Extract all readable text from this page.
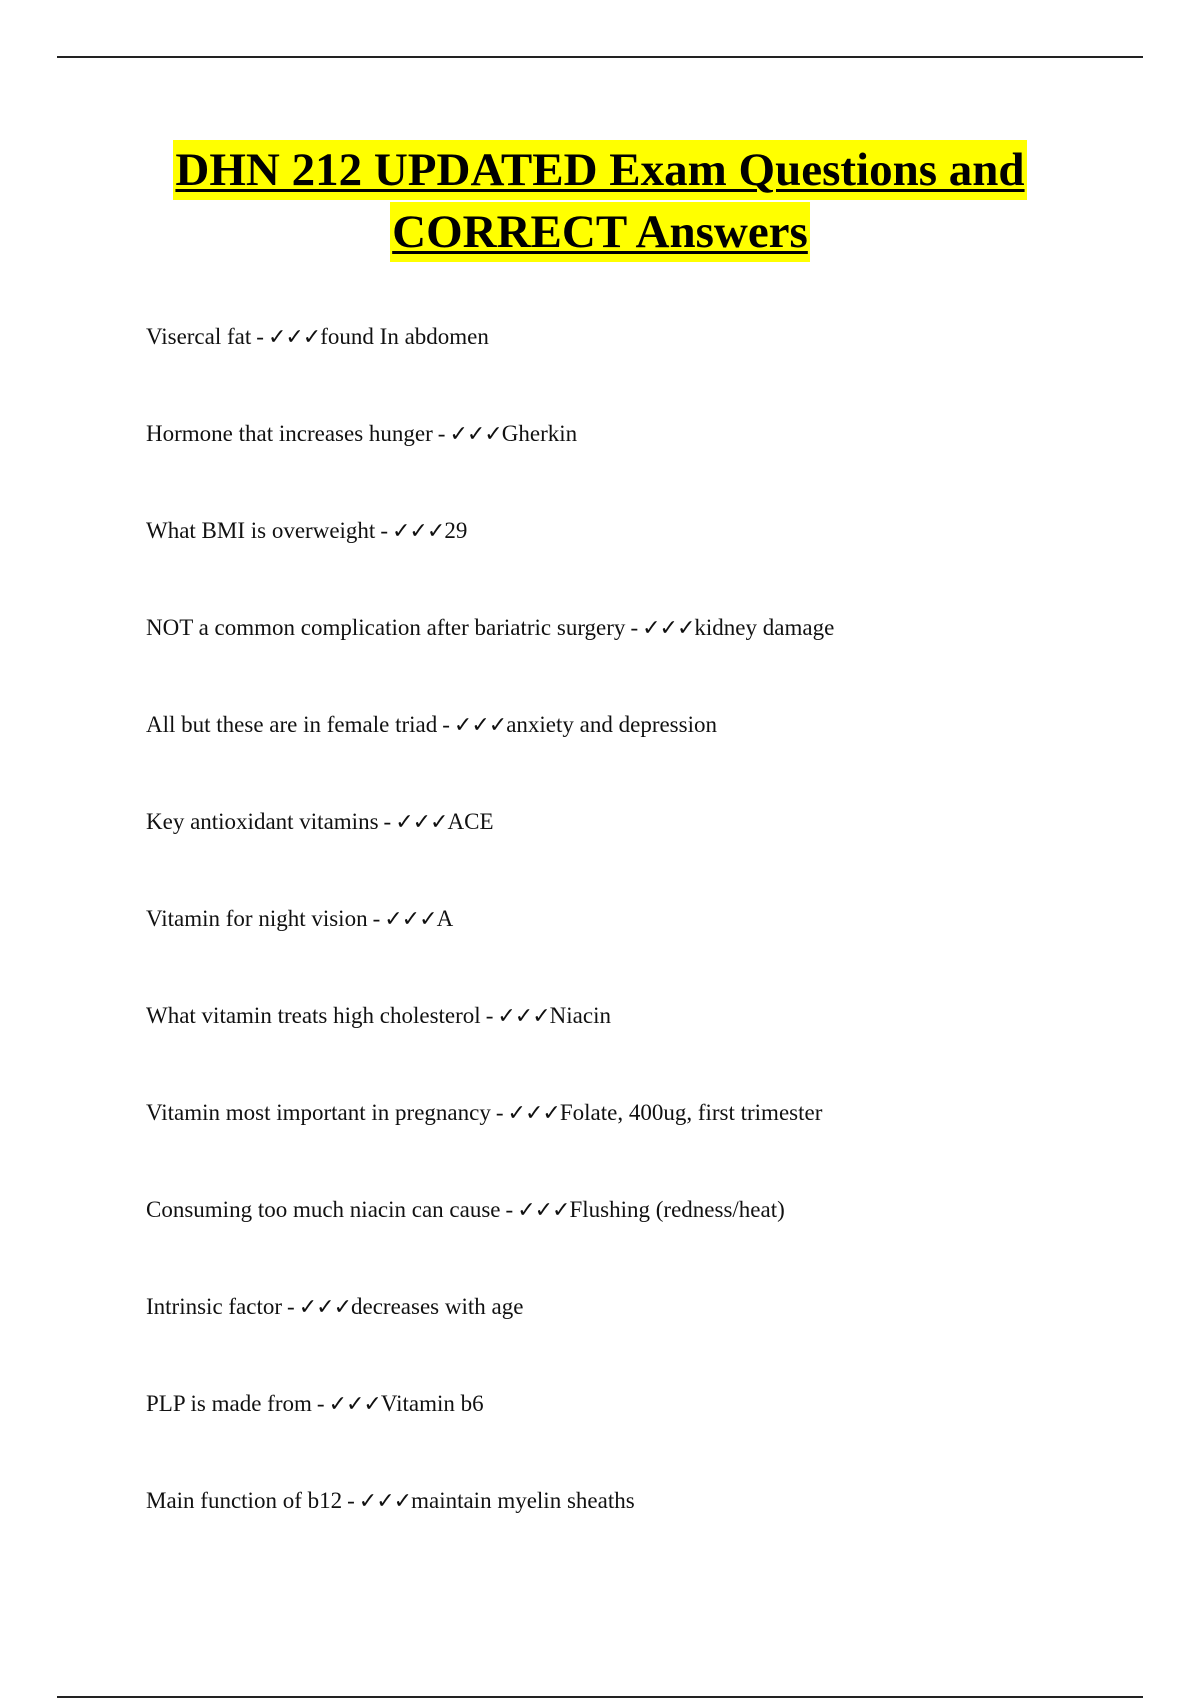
DHN 212 UPDATED Exam Questions and
CORRECT Answers
Visercal fat - ✓✓✓found In abdomen
Hormone that increases hunger - ✓✓✓Gherkin
What BMI is overweight - ✓✓✓29
NOT a common complication after bariatric surgery - ✓✓✓kidney damage
All but these are in female triad - ✓✓✓anxiety and depression
Key antioxidant vitamins - ✓✓✓ACE
Vitamin for night vision - ✓✓✓A
What vitamin treats high cholesterol - ✓✓✓Niacin
Vitamin most important in pregnancy - ✓✓✓Folate, 400ug, first trimester
Consuming too much niacin can cause - ✓✓✓Flushing (redness/heat)
Intrinsic factor - ✓✓✓decreases with age
PLP is made from - ✓✓✓Vitamin b6
Main function of b12 - ✓✓✓maintain myelin sheaths
